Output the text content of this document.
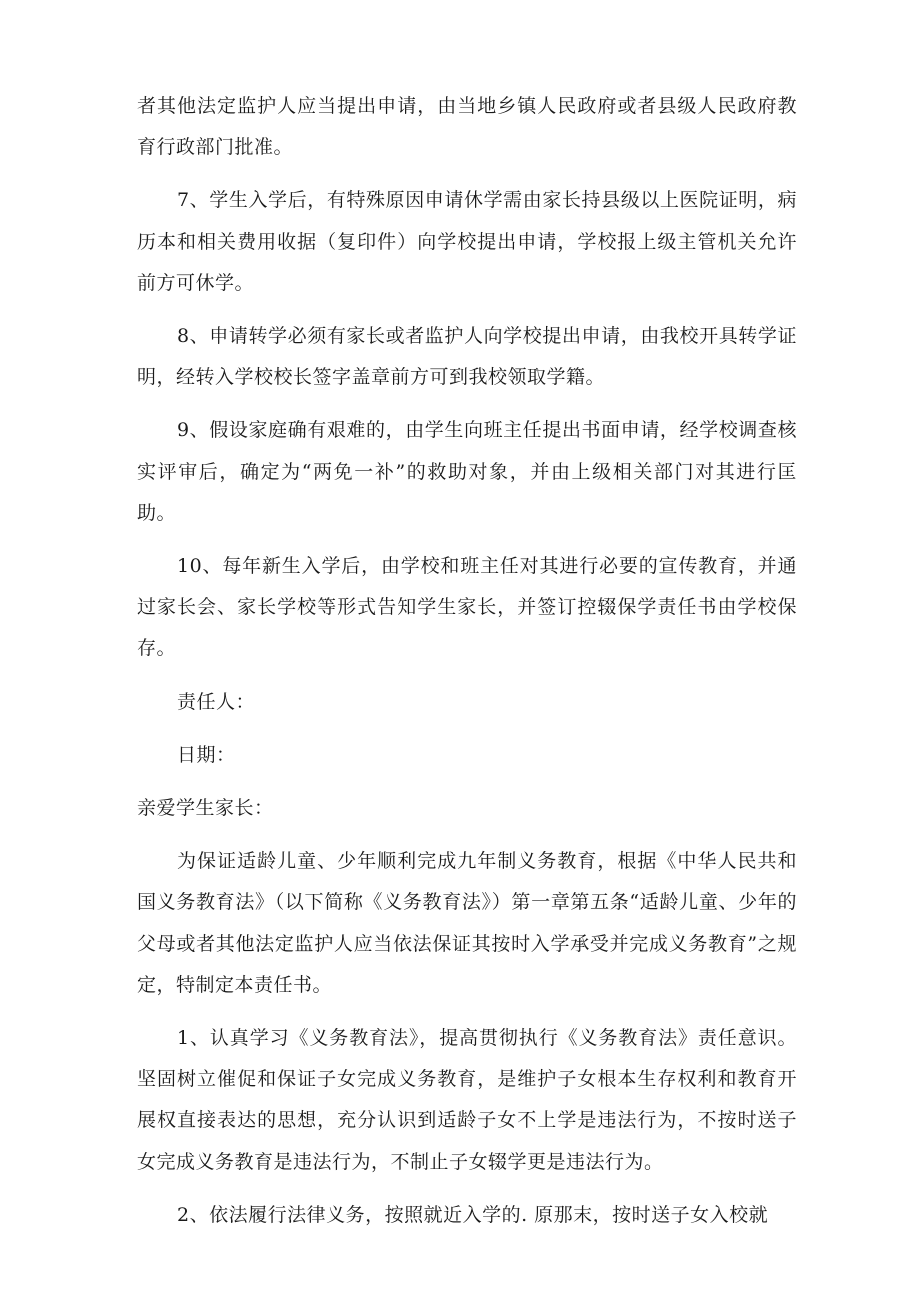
者其他法定监护人应当提出申请，由当地乡镇人民政府或者县级人民政府教育行政部门批准。

7、学生入学后，有特殊原因申请休学需由家长持县级以上医院证明，病历本和相关费用收据（复印件）向学校提出申请，学校报上级主管机关允许前方可休学。

8、申请转学必须有家长或者监护人向学校提出申请，由我校开具转学证明，经转入学校校长签字盖章前方可到我校领取学籍。

9、假设家庭确有艰难的，由学生向班主任提出书面申请，经学校调查核实评审后，确定为“两免一补”的救助对象，并由上级相关部门对其进行匡助。

10、每年新生入学后，由学校和班主任对其进行必要的宣传教育，并通过家长会、家长学校等形式告知学生家长，并签订控辍保学责任书由学校保存。

责任人：

日期：

亲爱学生家长：

为保证适龄儿童、少年顺利完成九年制义务教育，根据《中华人民共和国义务教育法》（以下简称《义务教育法》）第一章第五条“适龄儿童、少年的父母或者其他法定监护人应当依法保证其按时入学承受并完成义务教育”之规定，特制定本责任书。

1、认真学习《义务教育法》，提高贯彻执行《义务教育法》责任意识。坚固树立催促和保证子女完成义务教育，是维护子女根本生存权利和教育开展权直接表达的思想，充分认识到适龄子女不上学是违法行为，不按时送子女完成义务教育是违法行为，不制止子女辍学更是违法行为。

2、依法履行法律义务，按照就近入学的. 原那末，按时送子女入校就
